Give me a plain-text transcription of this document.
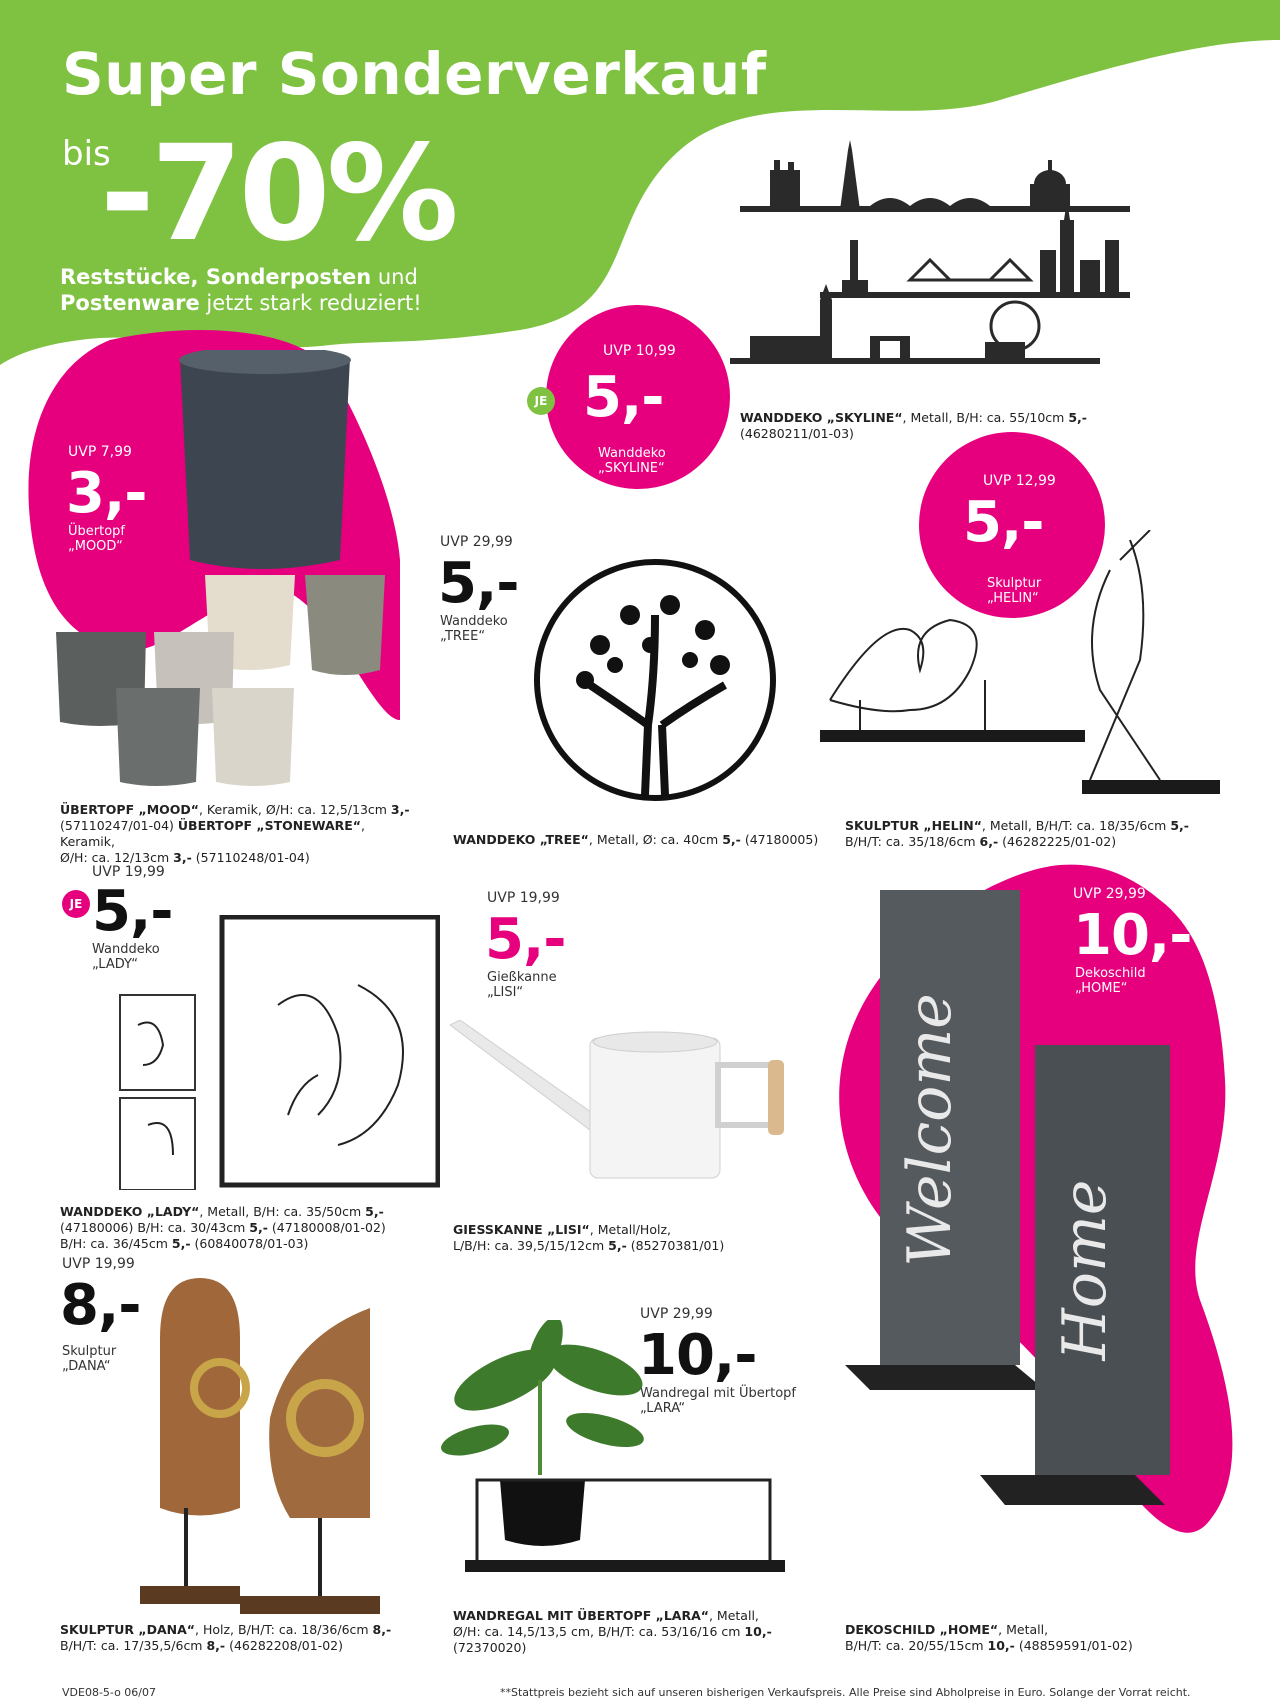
Super Sonderverkauf
bis
-70%
Reststücke, Sonderposten und
Postenware jetzt stark reduziert!
UVP 10,99
JE 5,-
Wanddeko
„SKYLINE“
WANDDEKO „SKYLINE“, Metall, B/H: ca. 55/10cm 5,-
(46280211/01-03)
UVP 7,99
3,-
Übertopf
„MOOD“
ÜBERTOPF „MOOD“, Keramik, Ø/H: ca. 12,5/13cm 3,-
(57110247/01-04) ÜBERTOPF „STONEWARE“, Keramik,
Ø/H: ca. 12/13cm 3,- (57110248/01-04)
UVP 29,99
5,-
Wanddeko
„TREE“
WANDDEKO „TREE“, Metall, Ø: ca. 40cm 5,- (47180005)
UVP 12,99
5,-
Skulptur
„HELIN“
SKULPTUR „HELIN“, Metall, B/H/T: ca. 18/35/6cm 5,-
B/H/T: ca. 35/18/6cm 6,- (46282225/01-02)
UVP 19,99
JE 5,-
Wanddeko
„LADY“
WANDDEKO „LADY“, Metall, B/H: ca. 35/50cm 5,-
(47180006) B/H: ca. 30/43cm 5,- (47180008/01-02)
B/H: ca. 36/45cm 5,- (60840078/01-03)
UVP 19,99
5,-
Gießkanne
„LISI“
GIESSKANNE „LISI“, Metall/Holz,
L/B/H: ca. 39,5/15/12cm 5,- (85270381/01)
UVP 29,99
10,-
Dekoschild
„HOME“
Welcome
Home
DEKOSCHILD „HOME“, Metall,
B/H/T: ca. 20/55/15cm 10,- (48859591/01-02)
UVP 19,99
8,-
Skulptur
„DANA“
SKULPTUR „DANA“, Holz, B/H/T: ca. 18/36/6cm 8,-
B/H/T: ca. 17/35,5/6cm 8,- (46282208/01-02)
UVP 29,99
10,-
Wandregal mit Übertopf
„LARA“
WANDREGAL MIT ÜBERTOPF „LARA“, Metall,
Ø/H: ca. 14,5/13,5 cm, B/H/T: ca. 53/16/16 cm 10,-
(72370020)
VDE08-5-o 06/07	**Stattpreis bezieht sich auf unseren bisherigen Verkaufspreis. Alle Preise sind Abholpreise in Euro. Solange der Vorrat reicht.
